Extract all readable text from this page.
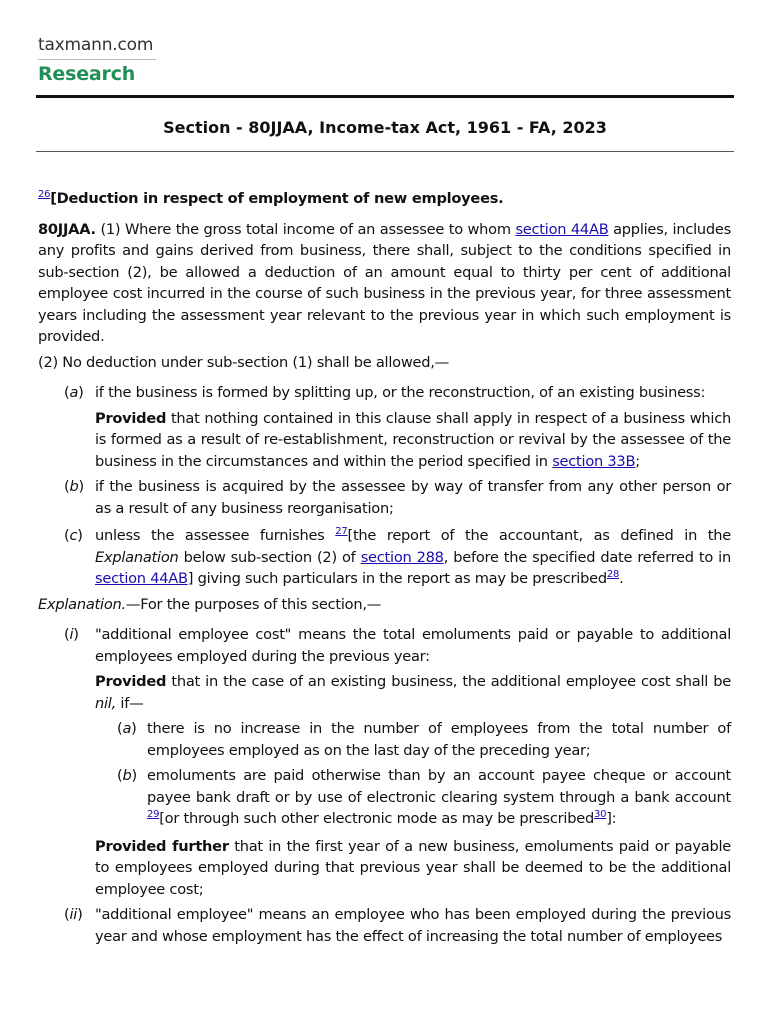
taxmann.com
Research
Section - 80JJAA, Income-tax Act, 1961 - FA, 2023

$^{26}$[Deduction in respect of employment of new employees.

80JJAA. (1) Where the gross total income of an assessee to whom section 44AB applies, includes any profits and gains derived from business, there shall, subject to the conditions specified in sub-section (2), be allowed a deduction of an amount equal to thirty per cent of additional employee cost incurred in the course of such business in the previous year, for three assessment years including the assessment year relevant to the previous year in which such employment is provided.

(2) No deduction under sub-section (1) shall be allowed,—

(a) if the business is formed by splitting up, or the reconstruction, of an existing business:

Provided that nothing contained in this clause shall apply in respect of a business which is formed as a result of re-establishment, reconstruction or revival by the assessee of the business in the circumstances and within the period specified in section 33B;

(b) if the business is acquired by the assessee by way of transfer from any other person or as a result of any business reorganisation;
(c) unless the assessee furnishes $^{27}$[the report of the accountant, as defined in the Explanation below sub-section (2) of section 288, before the specified date referred to in section 44AB] giving such particulars in the report as may be prescribed$^{28}$.

Explanation.—For the purposes of this section,—

(i)	"additional employee cost" means the total emoluments paid or payable to additional employees employed during the previous year:

Provided that in the case of an existing business, the additional employee cost shall be nil, if—

(a) there is no increase in the number of employees from the total number of employees employed as on the last day of the preceding year;
(b) emoluments are paid otherwise than by an account payee cheque or account payee bank draft or by use of electronic clearing system through a bank account $^{29}$[or through such other electronic mode as may be prescribed$^{30}$]:

Provided further that in the first year of a new business, emoluments paid or payable to employees employed during that previous year shall be deemed to be the additional employee cost;

(ii) "additional employee" means an employee who has been employed during the previous year and whose employment has the effect of increasing the total number of employees
